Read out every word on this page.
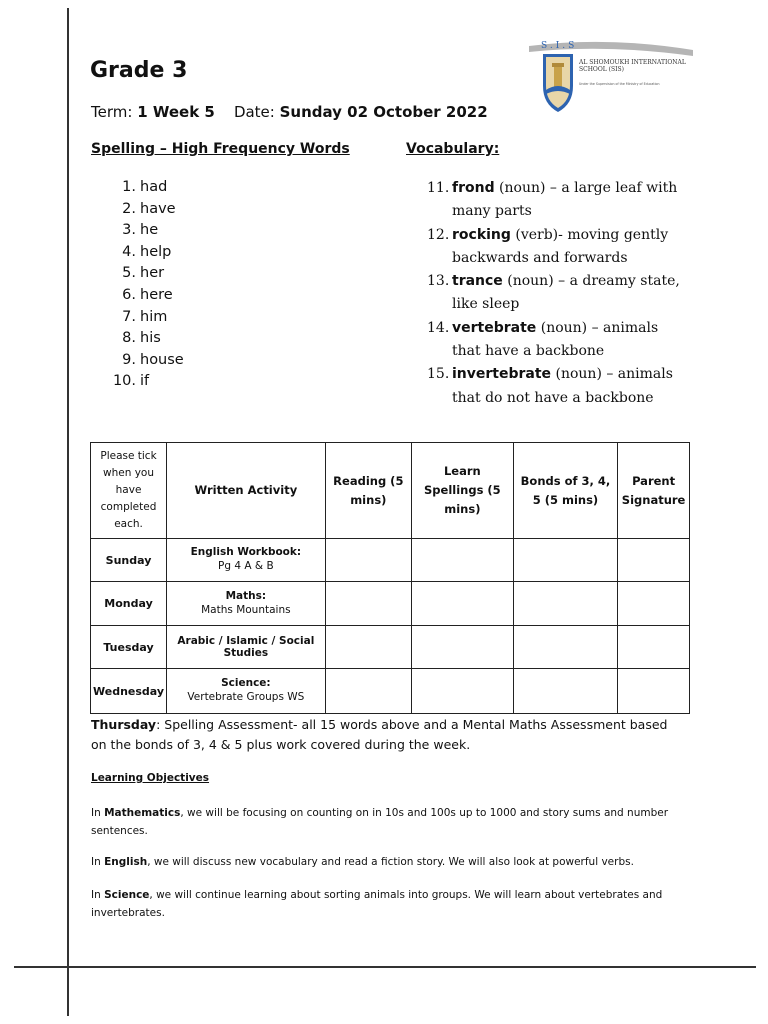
Grade 3
Term: 1 Week 5 Date: Sunday 02 October 2022
S.I.S
AL SHOMOUKH INTERNATIONAL
SCHOOL (SIS)
Under the Supervision of the Ministry of Education
Spelling – High Frequency Words	Vocabulary:
1. had
2. have
3. he
4. help
5. her
6. here
7. him
8. his
9. house
10. if
11. frond (noun) – a large leaf with many parts
12. rocking (verb)- moving gently backwards and forwards
13. trance (noun) – a dreamy state, like sleep
14. vertebrate (noun) – animals that have a backbone
15. invertebrate (noun) – animals that do not have a backbone
Please tick when you have completed each.	Written Activity	Reading (5 mins)	Learn Spellings (5 mins)	Bonds of 3, 4, 5 (5 mins)	Parent Signature
Sunday	English Workbook:
Pg 4 A & B				

Monday	Maths:
Maths Mountains				

Tuesday	Arabic / Islamic / Social Studies				

Wednesday	Science:
Vertebrate Groups WS				

Thursday: Spelling Assessment- all 15 words above and a Mental Maths Assessment based on the bonds of 3, 4 & 5 plus work covered during the week.
Learning Objectives
In Mathematics, we will be focusing on counting on in 10s and 100s up to 1000 and story sums and number sentences.
In English, we will discuss new vocabulary and read a fiction story. We will also look at powerful verbs.
In Science, we will continue learning about sorting animals into groups. We will learn about vertebrates and invertebrates.
